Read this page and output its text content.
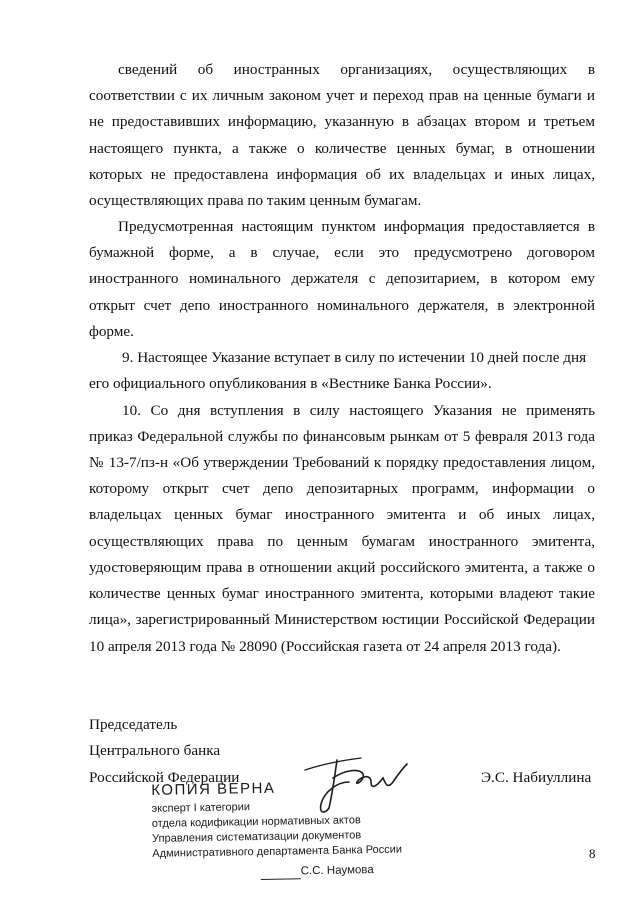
сведений об иностранных организациях, осуществляющих в
соответствии с их личным законом учет и переход прав на ценные бумаги и
не предоставивших информацию, указанную в абзацах втором и третьем
настоящего пункта, а также о количестве ценных бумаг, в отношении
которых не предоставлена информация об их владельцах и иных лицах,
осуществляющих права по таким ценным бумагам.
Предусмотренная настоящим пунктом информация предоставляется в
бумажной форме, а в случае, если это предусмотрено договором
иностранного номинального держателя с депозитарием, в котором ему
открыт счет депо иностранного номинального держателя, в электронной
форме.
9. Настоящее Указание вступает в силу по истечении 10 дней после дня
его официального опубликования в «Вестнике Банка России».
10. Со дня вступления в силу настоящего Указания не применять
приказ Федеральной службы по финансовым рынкам от 5 февраля 2013 года
№ 13-7/пз-н «Об утверждении Требований к порядку предоставления лицом,
которому открыт счет депо депозитарных программ, информации о
владельцах ценных бумаг иностранного эмитента и об иных лицах,
осуществляющих права по ценным бумагам иностранного эмитента,
удостоверяющим права в отношении акций российского эмитента, а также о
количестве ценных бумаг иностранного эмитента, которыми владеют такие
лица», зарегистрированный Министерством юстиции Российской Федерации
10 апреля 2013 года № 28090 (Российская газета от 24 апреля 2013 года).
Председатель
Центрального банка
Российской Федерации	Э.С. Набиуллина
КОПИЯ ВЕРНА
эксперт I категории
отдела кодификации нормативных актов
Управления систематизации документов
Административного департамента Банка России
С.С. Наумова
8
